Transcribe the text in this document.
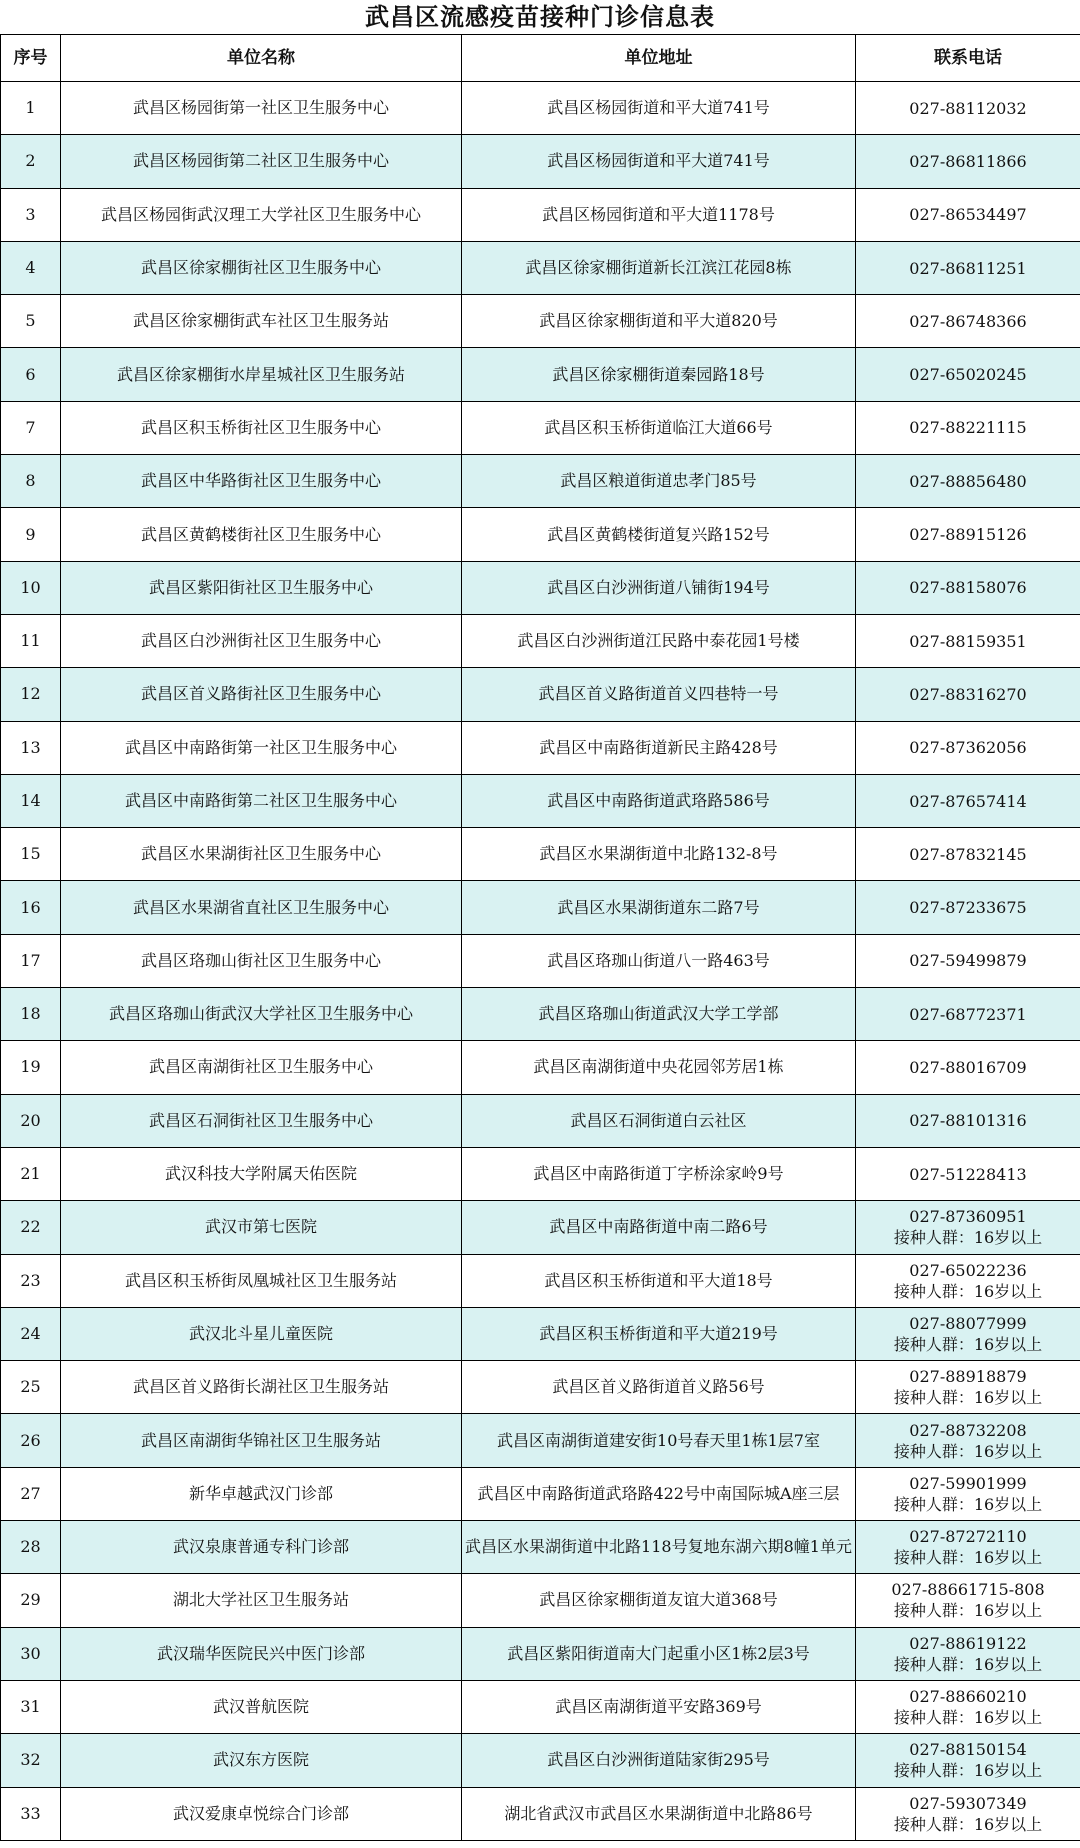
武昌区流感疫苗接种门诊信息表
序号	单位名称	单位地址	联系电话
1	武昌区杨园街第一社区卫生服务中心	武昌区杨园街道和平大道741号	027-88112032

2	武昌区杨园街第二社区卫生服务中心	武昌区杨园街道和平大道741号	027-86811866

3	武昌区杨园街武汉理工大学社区卫生服务中心	武昌区杨园街道和平大道1178号	027-86534497

4	武昌区徐家棚街社区卫生服务中心	武昌区徐家棚街道新长江滨江花园8栋	027-86811251

5	武昌区徐家棚街武车社区卫生服务站	武昌区徐家棚街道和平大道820号	027-86748366

6	武昌区徐家棚街水岸星城社区卫生服务站	武昌区徐家棚街道秦园路18号	027-65020245

7	武昌区积玉桥街社区卫生服务中心	武昌区积玉桥街道临江大道66号	027-88221115

8	武昌区中华路街社区卫生服务中心	武昌区粮道街道忠孝门85号	027-88856480

9	武昌区黄鹤楼街社区卫生服务中心	武昌区黄鹤楼街道复兴路152号	027-88915126

10	武昌区紫阳街社区卫生服务中心	武昌区白沙洲街道八铺街194号	027-88158076

11	武昌区白沙洲街社区卫生服务中心	武昌区白沙洲街道江民路中泰花园1号楼	027-88159351

12	武昌区首义路街社区卫生服务中心	武昌区首义路街道首义四巷特一号	027-88316270

13	武昌区中南路街第一社区卫生服务中心	武昌区中南路街道新民主路428号	027-87362056

14	武昌区中南路街第二社区卫生服务中心	武昌区中南路街道武珞路586号	027-87657414

15	武昌区水果湖街社区卫生服务中心	武昌区水果湖街道中北路132-8号	027-87832145

16	武昌区水果湖省直社区卫生服务中心	武昌区水果湖街道东二路7号	027-87233675

17	武昌区珞珈山街社区卫生服务中心	武昌区珞珈山街道八一路463号	027-59499879

18	武昌区珞珈山街武汉大学社区卫生服务中心	武昌区珞珈山街道武汉大学工学部	027-68772371

19	武昌区南湖街社区卫生服务中心	武昌区南湖街道中央花园邻芳居1栋	027-88016709

20	武昌区石洞街社区卫生服务中心	武昌区石洞街道白云社区	027-88101316

21	武汉科技大学附属天佑医院	武昌区中南路街道丁字桥涂家岭9号	027-51228413

22	武汉市第七医院	武昌区中南路街道中南二路6号	027-87360951
接种人群：16岁以上

23	武昌区积玉桥街凤凰城社区卫生服务站	武昌区积玉桥街道和平大道18号	027-65022236
接种人群：16岁以上

24	武汉北斗星儿童医院	武昌区积玉桥街道和平大道219号	027-88077999
接种人群：16岁以上

25	武昌区首义路街长湖社区卫生服务站	武昌区首义路街道首义路56号	027-88918879
接种人群：16岁以上

26	武昌区南湖街华锦社区卫生服务站	武昌区南湖街道建安街10号春天里1栋1层7室	027-88732208
接种人群：16岁以上

27	新华卓越武汉门诊部	武昌区中南路街道武珞路422号中南国际城A座三层	027-59901999
接种人群：16岁以上

28	武汉泉康普通专科门诊部	武昌区水果湖街道中北路118号复地东湖六期8幢1单元	027-87272110
接种人群：16岁以上

29	湖北大学社区卫生服务站	武昌区徐家棚街道友谊大道368号	027-88661715-808
接种人群：16岁以上

30	武汉瑞华医院民兴中医门诊部	武昌区紫阳街道南大门起重小区1栋2层3号	027-88619122
接种人群：16岁以上

31	武汉普航医院	武昌区南湖街道平安路369号	027-88660210
接种人群：16岁以上

32	武汉东方医院	武昌区白沙洲街道陆家街295号	027-88150154
接种人群：16岁以上

33	武汉爱康卓悦综合门诊部	湖北省武汉市武昌区水果湖街道中北路86号	027-59307349
接种人群：16岁以上
